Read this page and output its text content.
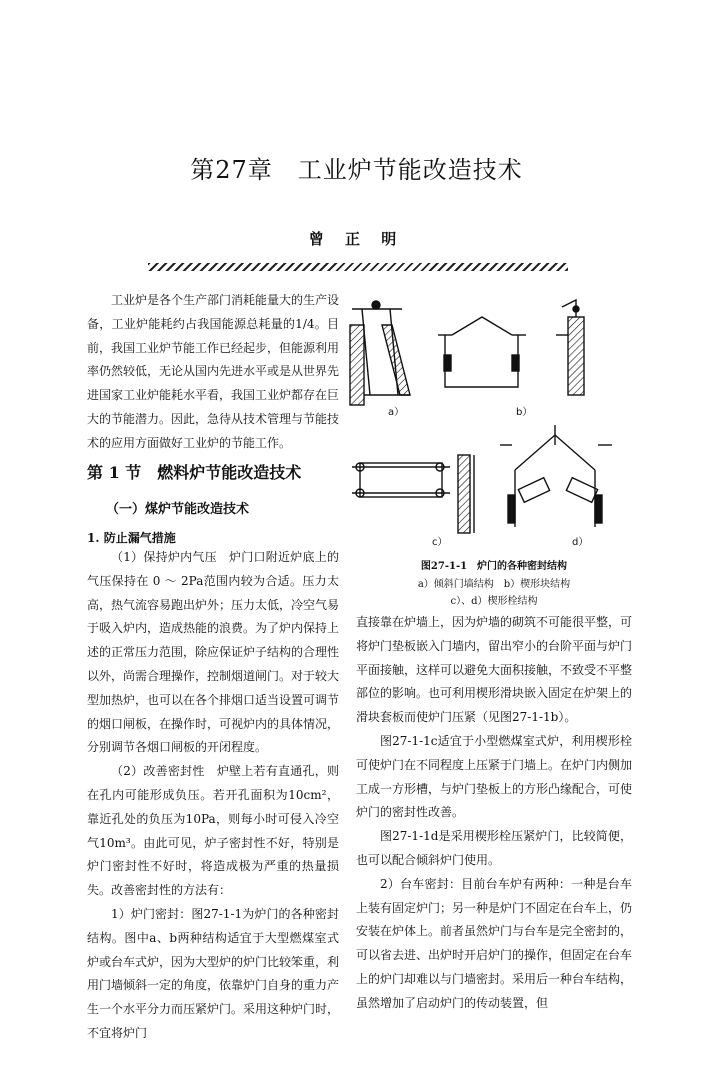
第27章　工业炉节能改造技术
曾 正 明

工业炉是各个生产部门消耗能量大的生产设备，工业炉能耗约占我国能源总耗量的1/4。目前，我国工业炉节能工作已经起步，但能源利用率仍然较低，无论从国内先进水平或是从世界先进国家工业炉能耗水平看，我国工业炉都存在巨大的节能潜力。因此，急待从技术管理与节能技术的应用方面做好工业炉的节能工作。

第 1 节　燃料炉节能改造技术
（一）煤炉节能改造技术
1. 防止漏气措施

（1）保持炉内气压　炉门口附近炉底上的气压保持在 0 ～ 2Pa范围内较为合适。压力太高，热气流容易跑出炉外；压力太低，冷空气易于吸入炉内，造成热能的浪费。为了炉内保持上述的正常压力范围，除应保证炉子结构的合理性以外，尚需合理操作，控制烟道闸门。对于较大型加热炉，也可以在各个排烟口适当设置可调节的烟口闸板，在操作时，可视炉内的具体情况，分别调节各烟口闸板的开闭程度。

（2）改善密封性　炉壁上若有直通孔，则在孔内可能形成负压。若开孔面积为10cm²，靠近孔处的负压为10Pa，则每小时可侵入冷空气10m³。由此可见，炉子密封性不好，特别是炉门密封性不好时，将造成极为严重的热量损失。改善密封性的方法有：

1）炉门密封：图27-1-1为炉门的各种密封结构。图中a、b两种结构适宜于大型燃煤室式炉或台车式炉，因为大型炉的炉门比较笨重，利用门墙倾斜一定的角度，依靠炉门自身的重力产生一个水平分力而压紧炉门。采用这种炉门时，不宜将炉门

a）	b）
c）	d）
图27-1-1　炉门的各种密封结构
a）倾斜门墙结构　b）楔形块结构
c）、d）楔形栓结构

直接靠在炉墙上，因为炉墙的砌筑不可能很平整，可将炉门垫板嵌入门墙内，留出窄小的台阶平面与炉门平面接触，这样可以避免大面积接触，不致受不平整部位的影响。也可利用楔形滑块嵌入固定在炉架上的滑块套板而使炉门压紧（见图27-1-1b）。

图27-1-1c适宜于小型燃煤室式炉，利用楔形栓可使炉门在不同程度上压紧于门墙上。在炉门内侧加工成一方形槽，与炉门垫板上的方形凸缘配合，可使炉门的密封性改善。

图27-1-1d是采用楔形栓压紧炉门，比较简便，也可以配合倾斜炉门使用。

2）台车密封：目前台车炉有两种：一种是台车上装有固定炉门；另一种是炉门不固定在台车上，仍安装在炉体上。前者虽然炉门与台车是完全密封的，可以省去进、出炉时开启炉门的操作，但固定在台车上的炉门却难以与门墙密封。采用后一种台车结构，虽然增加了启动炉门的传动装置，但
